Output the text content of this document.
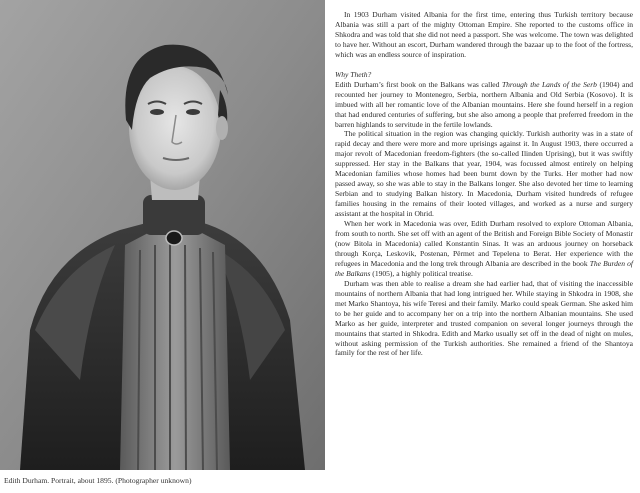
Edith Durham. Portrait, about 1895. (Photographer unknown)

In 1903 Durham visited Albania for the first time, entering thus Turkish territory because Albania was still a part of the mighty Ottoman Empire. She reported to the customs office in Shkodra and was told that she did not need a passport. She was welcome. The town was delighted to have her. Without an escort, Durham wandered through the bazaar up to the foot of the fortress, which was an endless source of inspiration.

Why Theth?

Edith Durham’s first book on the Balkans was called Through the Lands of the Serb (1904) and recounted her journey to Montenegro, Serbia, northern Albania and Old Serbia (Kosovo). It is imbued with all her romantic love of the Albanian mountains. Here she found herself in a region that had endured centuries of suffering, but she also among a people that preferred freedom in the barren highlands to servitude in the fertile lowlands.

The political situation in the region was changing quickly. Turkish authority was in a state of rapid decay and there were more and more uprisings against it. In August 1903, there occurred a major revolt of Macedonian freedom-fighters (the so-called Ilinden Uprising), but it was swiftly suppressed. Her stay in the Balkans that year, 1904, was focussed almost entirely on helping Macedonian families whose homes had been burnt down by the Turks. Her mother had now passed away, so she was able to stay in the Balkans longer. She also devoted her time to learning Serbian and to studying Balkan history. In Macedonia, Durham visited hundreds of refugee families housing in the remains of their looted villages, and worked as a nurse and surgery assistant at the hospital in Ohrid.

When her work in Macedonia was over, Edith Durham resolved to explore Ottoman Albania, from south to north. She set off with an agent of the British and Foreign Bible Society of Monastir (now Bitola in Macedonia) called Konstantin Sinas. It was an arduous journey on horseback through Korça, Leskovik, Postenan, Përmet and Tepelena to Berat. Her experience with the refugees in Macedonia and the long trek through Albania are described in the book The Burden of the Balkans (1905), a highly political treatise.

Durham was then able to realise a dream she had earlier had, that of visiting the inaccessible mountains of northern Albania that had long intrigued her. While staying in Shkodra in 1908, she met Marko Shantoya, his wife Teresi and their family. Marko could speak German. She asked him to be her guide and to accompany her on a trip into the northern Albanian mountains. She used Marko as her guide, interpreter and trusted companion on several longer journeys through the mountains that started in Shkodra. Edith and Marko usually set off in the dead of night on mules, without asking permission of the Turkish authorities. She remained a friend of the Shantoya family for the rest of her life.
